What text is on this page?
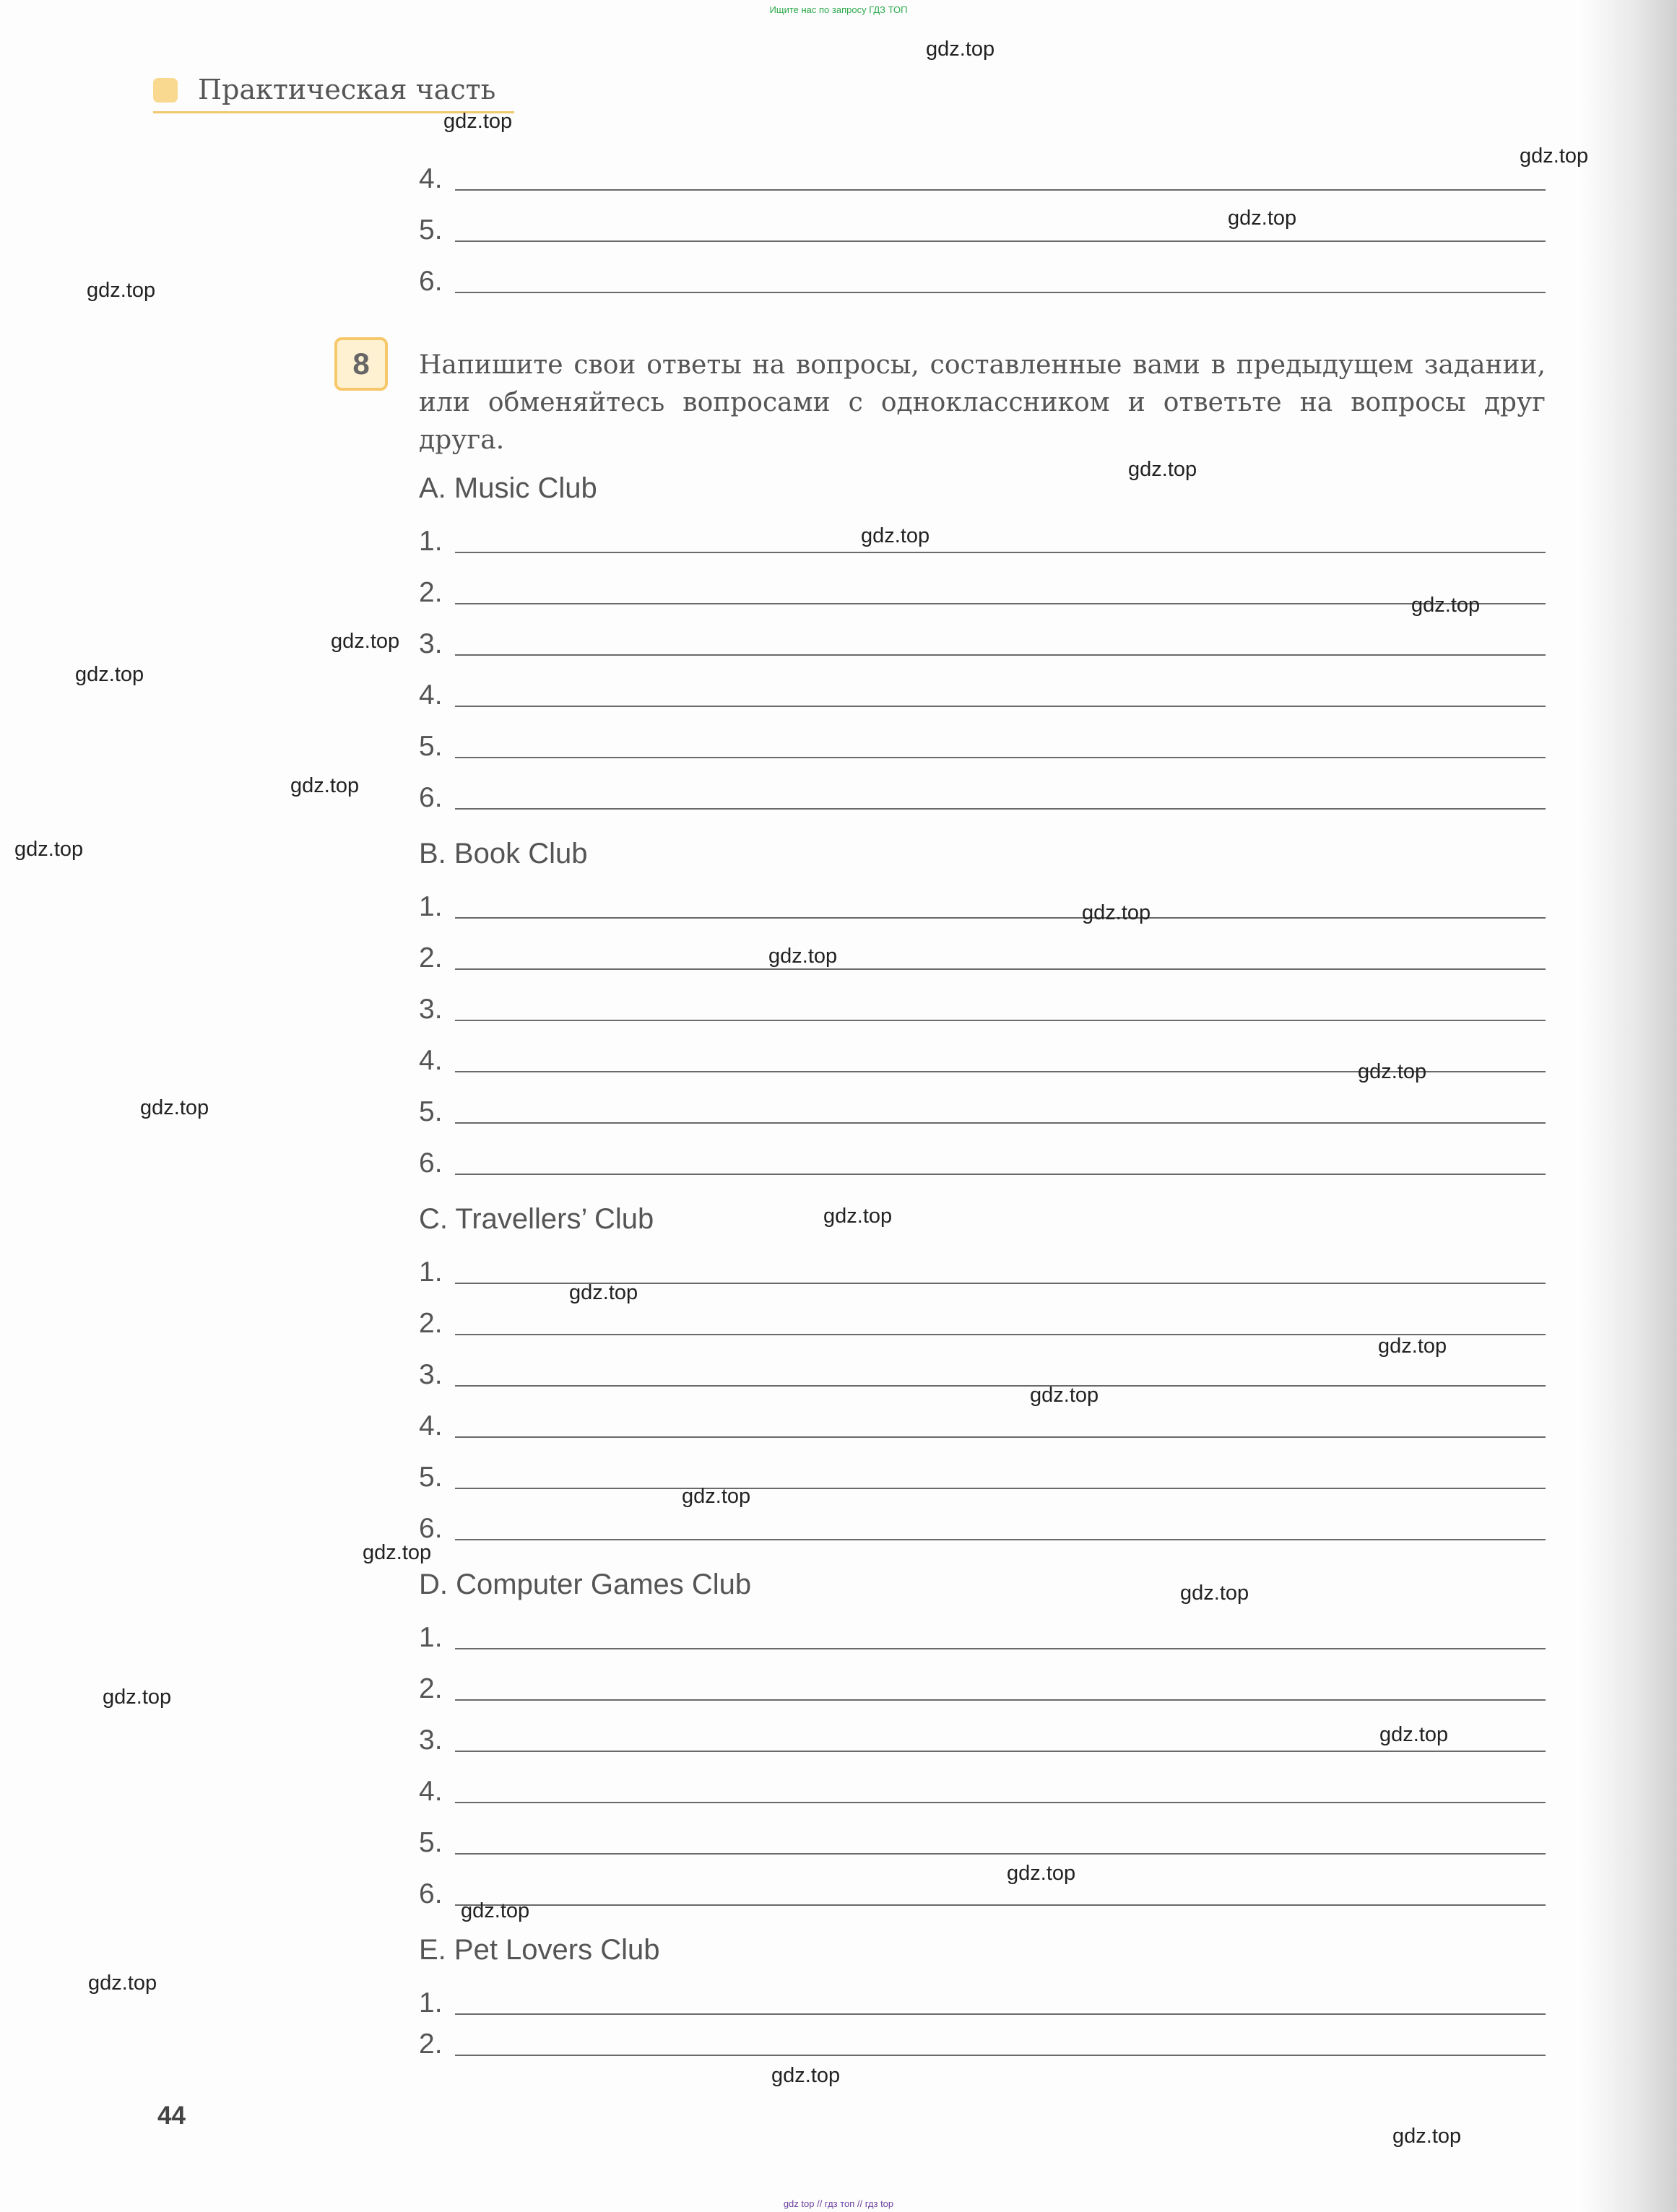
Ищите нас по запросу ГДЗ ТОП
Практическая часть
4.
5.
6.
8	Напишите свои ответы на вопросы, составленные вами в предыдущем задании, или обменяйтесь вопросами с одноклассником и ответьте на вопросы друг друга.

A. Music Club
1.
2.
3.
4.
5.
6.
B. Book Club
1.
2.
3.
4.
5.
6.
C. Travellers’ Club
1.
2.
3.
4.
5.
6.
D. Computer Games Club
1.
2.
3.
4.
5.
6.
E. Pet Lovers Club
1.
2.
44
gdz.top
gdz.top
gdz.top
gdz.top
gdz.top
gdz.top
gdz.top
gdz.top
gdz.top
gdz.top
gdz.top
gdz.top
gdz.top
gdz.top
gdz.top
gdz.top
gdz.top
gdz.top
gdz.top
gdz.top
gdz.top
gdz.top
gdz.top
gdz.top
gdz.top
gdz.top
gdz.top
gdz.top
gdz.top
gdz.top
gdz top // гдз топ // гдз top
